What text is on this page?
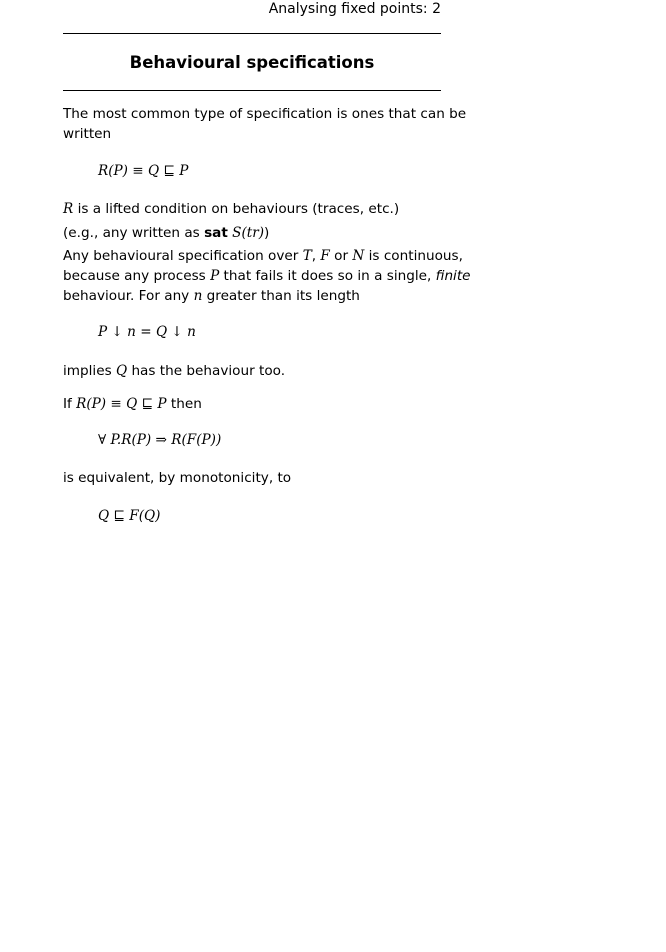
Analysing fixed points: 2
Behavioural specifications
The most common type of specification is ones that can be
written
R(P) ≡ Q ⊑ P
R is a lifted condition on behaviours (traces, etc.)
(e.g., any written as sat S(tr))
Any behavioural specification over T, F or N is continuous,
because any process P that fails it does so in a single, finite
behaviour. For any n greater than its length
P ↓ n = Q ↓ n
implies Q has the behaviour too.
If R(P) ≡ Q ⊑ P then
∀ P.R(P) ⇒ R(F(P))
is equivalent, by monotonicity, to
Q ⊑ F(Q)
